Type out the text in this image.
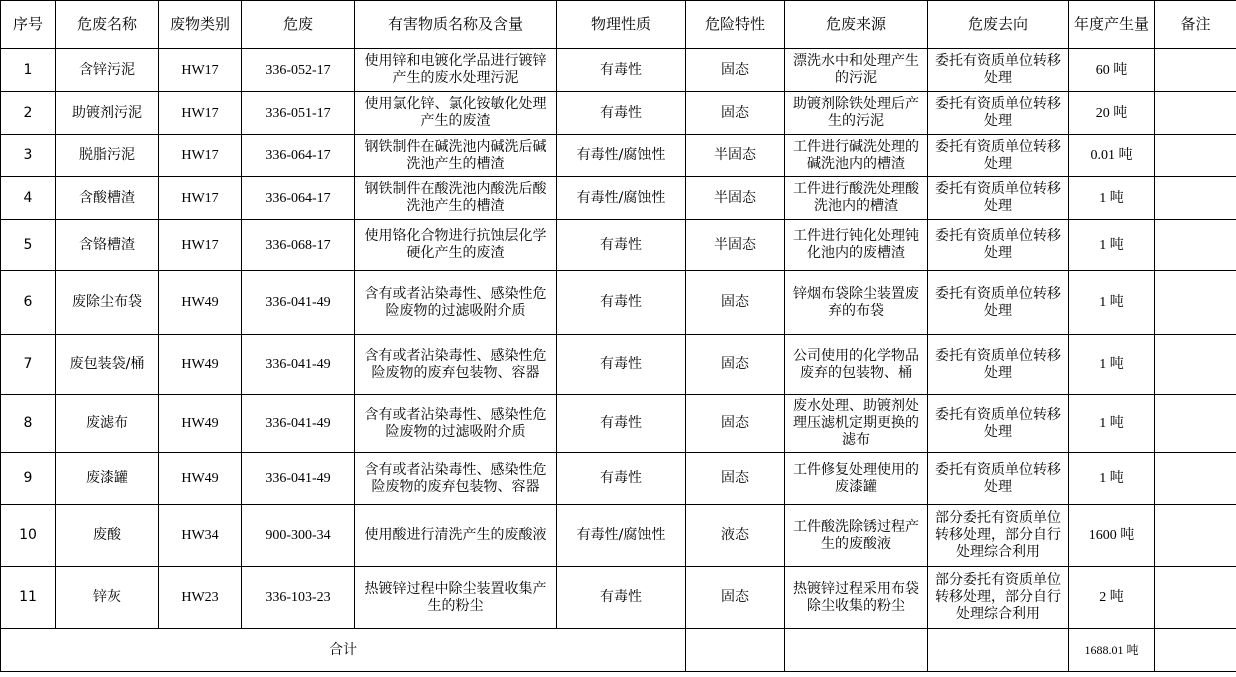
序号	危废名称	废物类别	危废	有害物质名称及含量	物理性质	危险特性	危废来源	危废去向	年度产生量	备注
1	含锌污泥	HW17	336-052-17	使用锌和电镀化学品进行镀锌产生的废水处理污泥	有毒性	固态	漂洗水中和处理产生的污泥	委托有资质单位转移处理	60 吨	
2	助镀剂污泥	HW17	336-051-17	使用氯化锌、氯化铵敏化处理产生的废渣	有毒性	固态	助镀剂除铁处理后产生的污泥	委托有资质单位转移处理	20 吨	
3	脱脂污泥	HW17	336-064-17	钢铁制件在碱洗池内碱洗后碱洗池产生的槽渣	有毒性/腐蚀性	半固态	工件进行碱洗处理的碱洗池内的槽渣	委托有资质单位转移处理	0.01 吨	
4	含酸槽渣	HW17	336-064-17	钢铁制件在酸洗池内酸洗后酸洗池产生的槽渣	有毒性/腐蚀性	半固态	工件进行酸洗处理酸洗池内的槽渣	委托有资质单位转移处理	1 吨	
5	含铬槽渣	HW17	336-068-17	使用铬化合物进行抗蚀层化学硬化产生的废渣	有毒性	半固态	工件进行钝化处理钝化池内的废槽渣	委托有资质单位转移处理	1 吨	
6	废除尘布袋	HW49	336-041-49	含有或者沾染毒性、感染性危险废物的过滤吸附介质	有毒性	固态	锌烟布袋除尘装置废弃的布袋	委托有资质单位转移处理	1 吨	
7	废包装袋/桶	HW49	336-041-49	含有或者沾染毒性、感染性危险废物的废弃包装物、容器	有毒性	固态	公司使用的化学物品废弃的包装物、桶	委托有资质单位转移处理	1 吨	
8	废滤布	HW49	336-041-49	含有或者沾染毒性、感染性危险废物的过滤吸附介质	有毒性	固态	废水处理、助镀剂处理压滤机定期更换的滤布	委托有资质单位转移处理	1 吨	
9	废漆罐	HW49	336-041-49	含有或者沾染毒性、感染性危险废物的废弃包装物、容器	有毒性	固态	工件修复处理使用的废漆罐	委托有资质单位转移处理	1 吨	
10	废酸	HW34	900-300-34	使用酸进行清洗产生的废酸液	有毒性/腐蚀性	液态	工件酸洗除锈过程产生的废酸液	部分委托有资质单位转移处理，部分自行处理综合利用	1600 吨	
11	锌灰	HW23	336-103-23	热镀锌过程中除尘装置收集产生的粉尘	有毒性	固态	热镀锌过程采用布袋除尘收集的粉尘	部分委托有资质单位转移处理，部分自行处理综合利用	2 吨	
合计									1688.01 吨	
